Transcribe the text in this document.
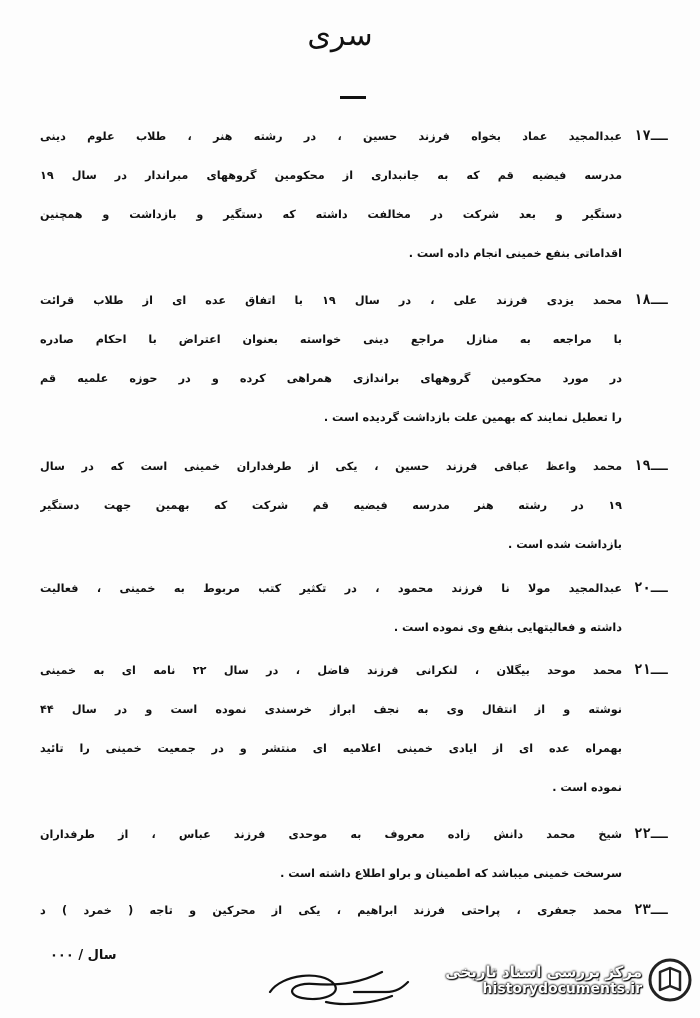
سری
۱۷ــ
عبدالمجید عماد بخواه فرزند حسین ، در رشته هنر ، طلاب علوم دینی
مدرسه فیضیه قم که به جانبداری از محکومین گروههای مبراندار در سال ۱۹
دستگیر و بعد شرکت در مخالفت داشته که دستگیر و بازداشت و همچنین
اقداماتی بنفع خمینی انجام داده است .
۱۸ــ
محمد یزدی فرزند علی ، در سال ۱۹ با اتفاق عده ای از طلاب قرائت
با مراجعه به منازل مراجع دینی خواسته بعنوان اعتراض با احکام صادره
در مورد محکومین گروههای براندازی همراهی کرده و در حوزه علمیه قم
را تعطیل نمایند که بهمین علت بازداشت گردیده است .
۱۹ــ
محمد واعظ عباقی فرزند حسین ، یکی از طرفداران خمینی است که در سال
۱۹ در رشته هنر مدرسه فیضیه قم شرکت که بهمین جهت دستگیر
بازداشت شده است .
۲۰ــ
عبدالمجید مولا نا فرزند محمود ، در تکثیر کتب مربوط به خمینی ، فعالیت
داشته و فعالیتهایی بنفع وی نموده است .
۲۱ــ
محمد موحد بیگلان ، لنکرانی فرزند فاضل ، در سال ۲۲ نامه ای به خمینی
نوشته و از انتقال وی به نجف ابراز خرسندی نموده است و در سال ۴۴
بهمراه عده ای از ایادی خمینی اعلامیه ای منتشر و در جمعیت خمینی را تائید
نموده است .
۲۲ــ
شیخ محمد دانش زاده معروف به موحدی فرزند عباس ، از طرفداران
سرسخت خمینی میباشد که اطمینان و براو اطلاع داشته است .
۲۳ــ
محمد جعفری ، پراحتی فرزند ابراهیم ، یکی از محرکین و تاجه ( خمرد ) د
سال / ۰۰۰
مرکز بررسی اسناد تاریخی
historydocuments.ir
